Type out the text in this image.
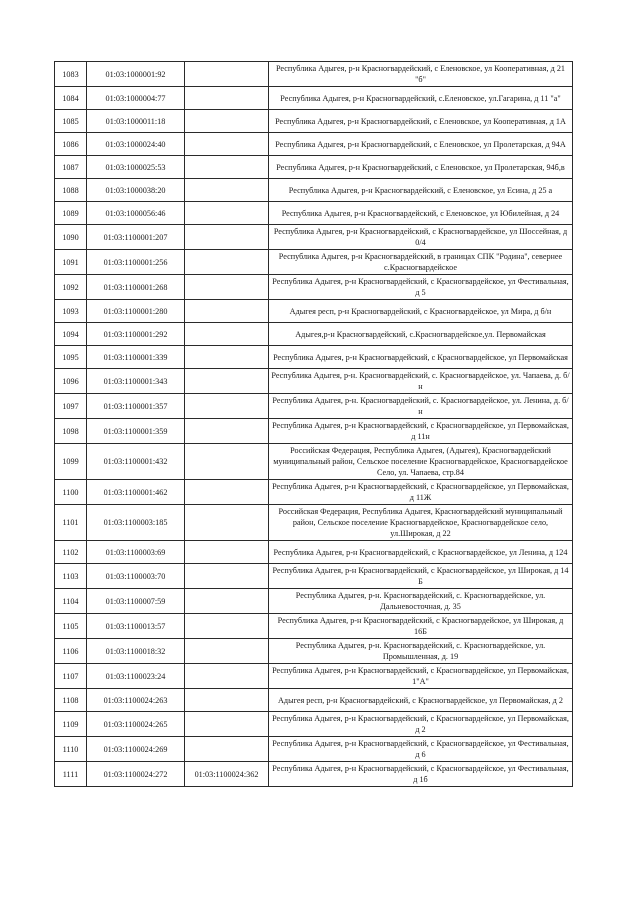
1083	01:03:1000001:92		Республика Адыгея, р-н Красногвардейский, с Еленовское, ул Кооперативная, д 21 "б"
1084	01:03:1000004:77		Республика Адыгея, р-н Красногвардейский, с.Еленовское, ул.Гагарина, д 11 "а"
1085	01:03:1000011:18		Республика Адыгея, р-н Красногвардейский, с Еленовское, ул Кооперативная, д 1А
1086	01:03:1000024:40		Республика Адыгея, р-н Красногвардейский, с Еленовское, ул Пролетарская, д 94А
1087	01:03:1000025:53		Республика Адыгея, р-н Красногвардейский, с Еленовское, ул Пролетарская, 94б,в
1088	01:03:1000038:20		Республика Адыгея, р-н Красногвардейский, с Еленовское, ул Есина, д 25 а
1089	01:03:1000056:46		Республика Адыгея, р-н Красногвардейский, с Еленовское, ул Юбилейная, д 24
1090	01:03:1100001:207		Республика Адыгея, р-н Красногвардейский, с Красногвардейское, ул Шоссейная, д 0/4
1091	01:03:1100001:256		Республика Адыгея, р-н Красногвардейский, в границах СПК "Родина", севернее с.Красногвардейское
1092	01:03:1100001:268		Республика Адыгея, р-н Красногвардейский, с Красногвардейское, ул Фестивальная, д 5
1093	01:03:1100001:280		Адыгея респ, р-н Красногвардейский, с Красногвардейское, ул Мира, д б/н
1094	01:03:1100001:292		Адыгея,р-н Красногвардейский, с.Красногвардейское,ул. Первомайская
1095	01:03:1100001:339		Республика Адыгея, р-н Красногвардейский, с Красногвардейское, ул Первомайская
1096	01:03:1100001:343		Республика Адыгея, р-н. Красногвардейский, с. Красногвардейское, ул. Чапаева, д. б/н
1097	01:03:1100001:357		Республика Адыгея, р-н. Красногвардейский, с. Красногвардейское, ул. Ленина, д. б/н
1098	01:03:1100001:359		Республика Адыгея, р-н Красногвардейский, с Красногвардейское, ул Первомайская, д 11н
1099	01:03:1100001:432		Российская Федерация, Республика Адыгея, (Адыгея), Красногвардейский муниципальный район, Сельское поселение Красногвардейское, Красногвардейское Село, ул. Чапаева, стр.84
1100	01:03:1100001:462		Республика Адыгея, р-н Красногвардейский, с Красногвардейское, ул Первомайская, д 11Ж
1101	01:03:1100003:185		Российская Федерация, Республика Адыгея, Красногвардейский муниципальный район, Сельское поселение Красногвардейское, Красногвардейское село, ул.Широкая, д 22
1102	01:03:1100003:69		Республика Адыгея, р-н Красногвардейский, с Красногвардейское, ул Ленина, д 124
1103	01:03:1100003:70		Республика Адыгея, р-н Красногвардейский, с Красногвардейское, ул Широкая, д 14 Б
1104	01:03:1100007:59		Республика Адыгея, р-н. Красногвардейский, с. Красногвардейское, ул. Дальневосточная, д. 35
1105	01:03:1100013:57		Республика Адыгея, р-н Красногвардейский, с Красногвардейское, ул Широкая, д 16Б
1106	01:03:1100018:32		Республика Адыгея, р-н. Красногвардейский, с. Красногвардейское, ул. Промышленная, д. 19
1107	01:03:1100023:24		Республика Адыгея, р-н Красногвардейский, с Красногвардейское, ул Первомайская, 1"А"
1108	01:03:1100024:263		Адыгея респ, р-н Красногвардейский, с Красногвардейское, ул Первомайская, д 2
1109	01:03:1100024:265		Республика Адыгея, р-н Красногвардейский, с Красногвардейское, ул Первомайская, д 2
1110	01:03:1100024:269		Республика Адыгея, р-н Красногвардейский, с Красногвардейское, ул Фестивальная, д 6
1111	01:03:1100024:272	01:03:1100024:362	Республика Адыгея, р-н Красногвардейский, с Красногвардейское, ул Фестивальная, д 1б
